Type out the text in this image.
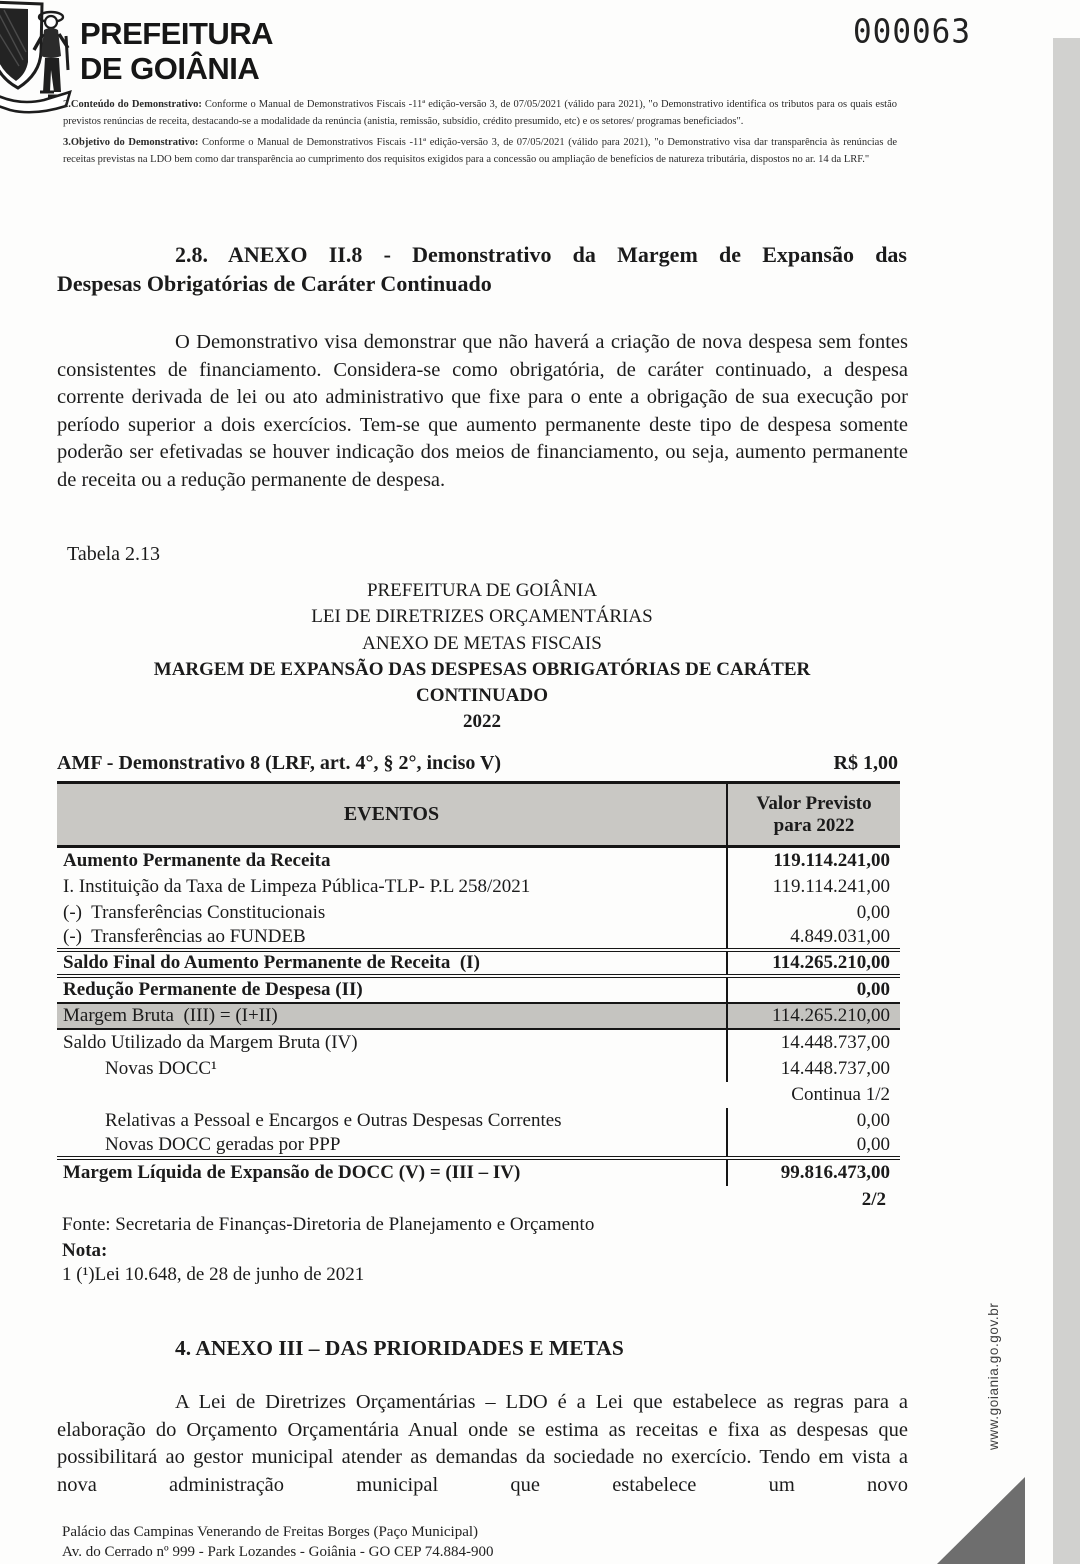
PREFEITURA
DE GOIÂNIA
000063
2.Conteúdo do Demonstrativo: Conforme o Manual de Demonstrativos Fiscais -11ª edição-versão 3, de 07/05/2021 (válido para 2021), "o Demonstrativo identifica os tributos para os quais estão previstos renúncias de receita, destacando-se a modalidade da renúncia (anistia, remissão, subsídio, crédito presumido, etc) e os setores/ programas beneficiados".
3.Objetivo do Demonstrativo: Conforme o Manual de Demonstrativos Fiscais -11ª edição-versão 3, de 07/05/2021 (válido para 2021), "o Demonstrativo visa dar transparência às renúncias de receitas previstas na LDO bem como dar transparência ao cumprimento dos requisitos exigidos para a concessão ou ampliação de benefícios de natureza tributária, dispostos no ar. 14 da LRF."
2.8. ANEXO II.8 - Demonstrativo da Margem de Expansão das
Despesas Obrigatórias de Caráter Continuado
O Demonstrativo visa demonstrar que não haverá a criação de nova despesa sem fontes consistentes de financiamento. Considera-se como obrigatória, de caráter continuado, a despesa corrente derivada de lei ou ato administrativo que fixe para o ente a obrigação de sua execução por período superior a dois exercícios. Tem-se que aumento permanente deste tipo de despesa somente poderão ser efetivadas se houver indicação dos meios de financiamento, ou seja, aumento permanente de receita ou a redução permanente de despesa.
Tabela 2.13
PREFEITURA DE GOIÂNIA
LEI DE DIRETRIZES ORÇAMENTÁRIAS
ANEXO DE METAS FISCAIS
MARGEM DE EXPANSÃO DAS DESPESAS OBRIGATÓRIAS DE CARÁTER
CONTINUADO
2022
AMF - Demonstrativo 8 (LRF, art. 4°, § 2°, inciso V)	R$ 1,00
EVENTOS	Valor Previsto
para 2022
Aumento Permanente da Receita	119.114.241,00
I. Instituição da Taxa de Limpeza Pública-TLP- P.L 258/2021	119.114.241,00
(-)  Transferências Constitucionais	0,00
(-)  Transferências ao FUNDEB	4.849.031,00
Saldo Final do Aumento Permanente de Receita  (I)	114.265.210,00
Redução Permanente de Despesa (II)	0,00
Margem Bruta  (III) = (I+II)	114.265.210,00
Saldo Utilizado da Margem Bruta (IV)	14.448.737,00
Novas DOCC¹	14.448.737,00
Continua 1/2
Relativas a Pessoal e Encargos e Outras Despesas Correntes	0,00
Novas DOCC geradas por PPP	0,00
Margem Líquida de Expansão de DOCC (V) = (III – IV)	99.816.473,00
2/2
Fonte: Secretaria de Finanças-Diretoria de Planejamento e Orçamento
Nota:
1 (¹)Lei 10.648, de 28 de junho de 2021
4. ANEXO III – DAS PRIORIDADES E METAS
A Lei de Diretrizes Orçamentárias – LDO é a Lei que estabelece as regras para a elaboração do Orçamento Orçamentária Anual onde se estima as receitas e fixa as despesas que possibilitará ao gestor municipal atender as demandas da sociedade no exercício. Tendo em vista a nova administração municipal que estabelece um novo
Palácio das Campinas Venerando de Freitas Borges (Paço Municipal)
Av. do Cerrado nº 999 - Park Lozandes - Goiânia - GO CEP 74.884-900
www.goiania.go.gov.br
